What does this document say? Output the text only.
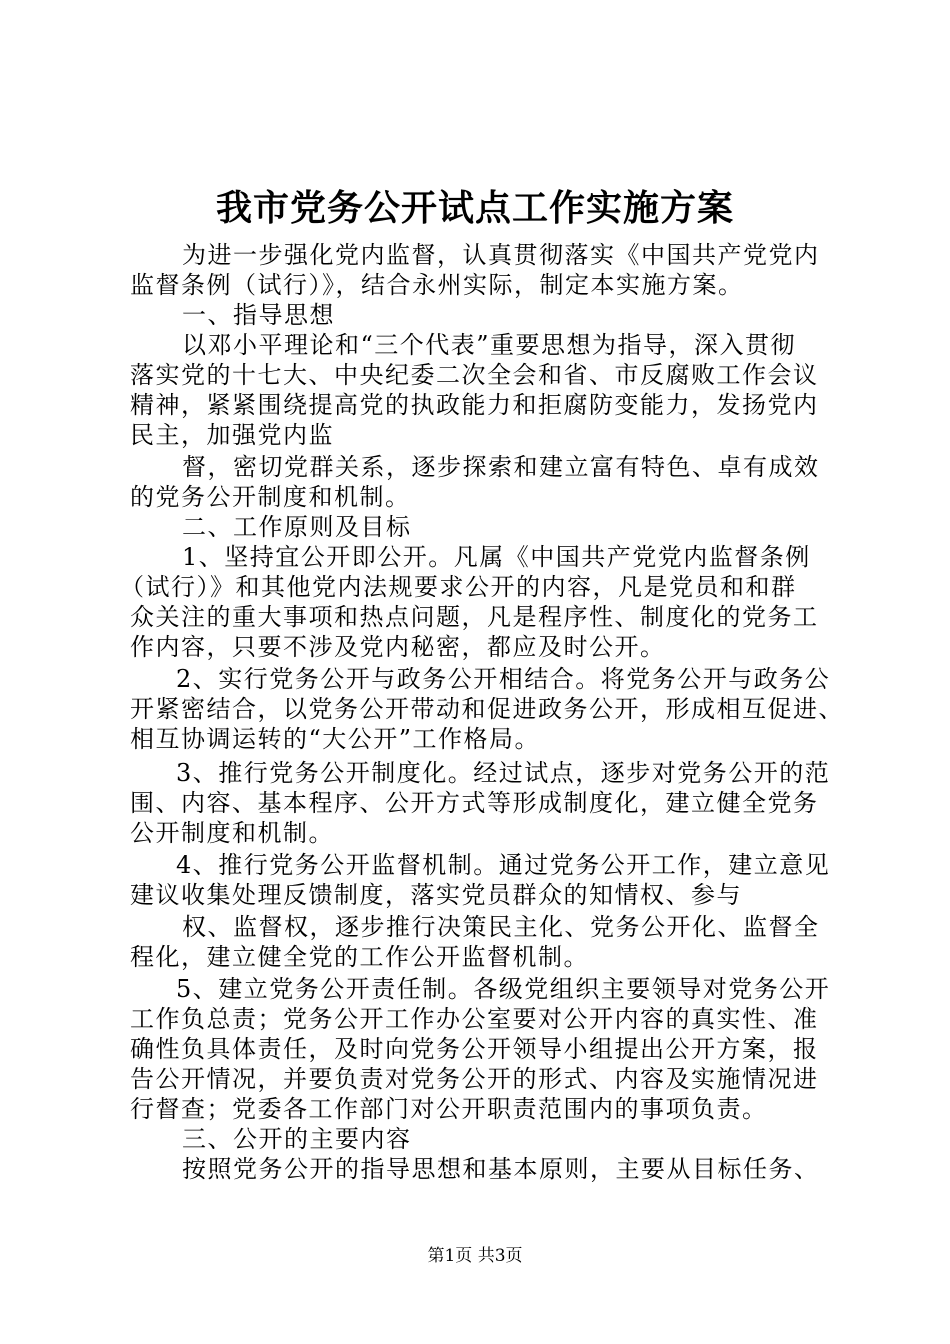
我市党务公开试点工作实施方案
为进一步强化党内监督，认真贯彻落实《中国共产党党内
监督条例（试行）》，结合永州实际，制定本实施方案。
一、指导思想
以邓小平理论和“三个代表”重要思想为指导，深入贯彻
落实党的十七大、中央纪委二次全会和省、市反腐败工作会议
精神，紧紧围绕提高党的执政能力和拒腐防变能力，发扬党内
民主，加强党内监
督，密切党群关系，逐步探索和建立富有特色、卓有成效
的党务公开制度和机制。
二、工作原则及目标
1、坚持宜公开即公开。凡属《中国共产党党内监督条例
（试行）》和其他党内法规要求公开的内容，凡是党员和和群
众关注的重大事项和热点问题，凡是程序性、制度化的党务工
作内容，只要不涉及党内秘密，都应及时公开。
2、实行党务公开与政务公开相结合。将党务公开与政务公
开紧密结合，以党务公开带动和促进政务公开，形成相互促进、
相互协调运转的“大公开”工作格局。
3、推行党务公开制度化。经过试点，逐步对党务公开的范
围、内容、基本程序、公开方式等形成制度化，建立健全党务
公开制度和机制。
4、推行党务公开监督机制。通过党务公开工作，建立意见
建议收集处理反馈制度，落实党员群众的知情权、参与
权、监督权，逐步推行决策民主化、党务公开化、监督全
程化，建立健全党的工作公开监督机制。
5、建立党务公开责任制。各级党组织主要领导对党务公开
工作负总责；党务公开工作办公室要对公开内容的真实性、准
确性负具体责任，及时向党务公开领导小组提出公开方案，报
告公开情况，并要负责对党务公开的形式、内容及实施情况进
行督查；党委各工作部门对公开职责范围内的事项负责。
三、公开的主要内容
按照党务公开的指导思想和基本原则，主要从目标任务、
第1页 共3页
